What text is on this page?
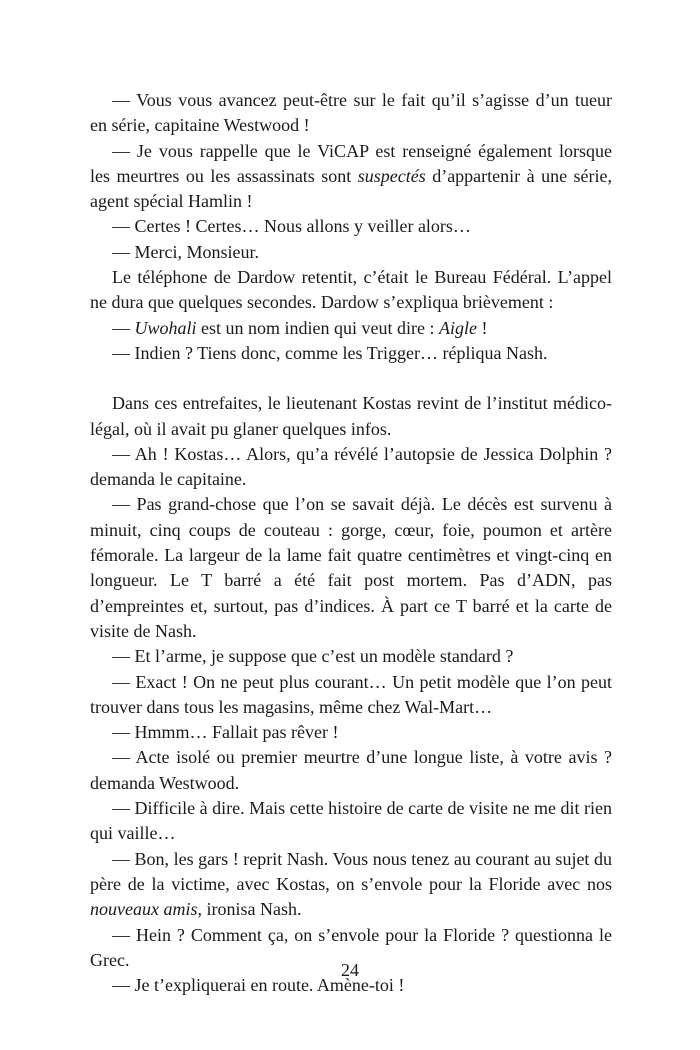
— Vous vous avancez peut-être sur le fait qu’il s’agisse d’un tueur en série, capitaine Westwood !

— Je vous rappelle que le ViCAP est renseigné également lorsque les meurtres ou les assassinats sont suspectés d’appartenir à une série, agent spécial Hamlin !

— Certes ! Certes… Nous allons y veiller alors…

— Merci, Monsieur.

Le téléphone de Dardow retentit, c’était le Bureau Fédéral. L’appel ne dura que quelques secondes. Dardow s’expliqua brièvement :

— Uwohali est un nom indien qui veut dire : Aigle !

— Indien ? Tiens donc, comme les Trigger… répliqua Nash.

Dans ces entrefaites, le lieutenant Kostas revint de l’institut médico-légal, où il avait pu glaner quelques infos.

— Ah ! Kostas… Alors, qu’a révélé l’autopsie de Jessica Dolphin ? demanda le capitaine.

— Pas grand-chose que l’on se savait déjà. Le décès est survenu à minuit, cinq coups de couteau : gorge, cœur, foie, poumon et artère fémorale. La largeur de la lame fait quatre centimètres et vingt-cinq en longueur. Le T barré a été fait post mortem. Pas d’ADN, pas d’empreintes et, surtout, pas d’indices. À part ce T barré et la carte de visite de Nash.

— Et l’arme, je suppose que c’est un modèle standard ?

— Exact ! On ne peut plus courant… Un petit modèle que l’on peut trouver dans tous les magasins, même chez Wal-Mart…

— Hmmm… Fallait pas rêver !

— Acte isolé ou premier meurtre d’une longue liste, à votre avis ? demanda Westwood.

— Difficile à dire. Mais cette histoire de carte de visite ne me dit rien qui vaille…

— Bon, les gars ! reprit Nash. Vous nous tenez au courant au sujet du père de la victime, avec Kostas, on s’envole pour la Floride avec nos nouveaux amis, ironisa Nash.

— Hein ? Comment ça, on s’envole pour la Floride ? questionna le Grec.

— Je t’expliquerai en route. Amène-toi !

24
